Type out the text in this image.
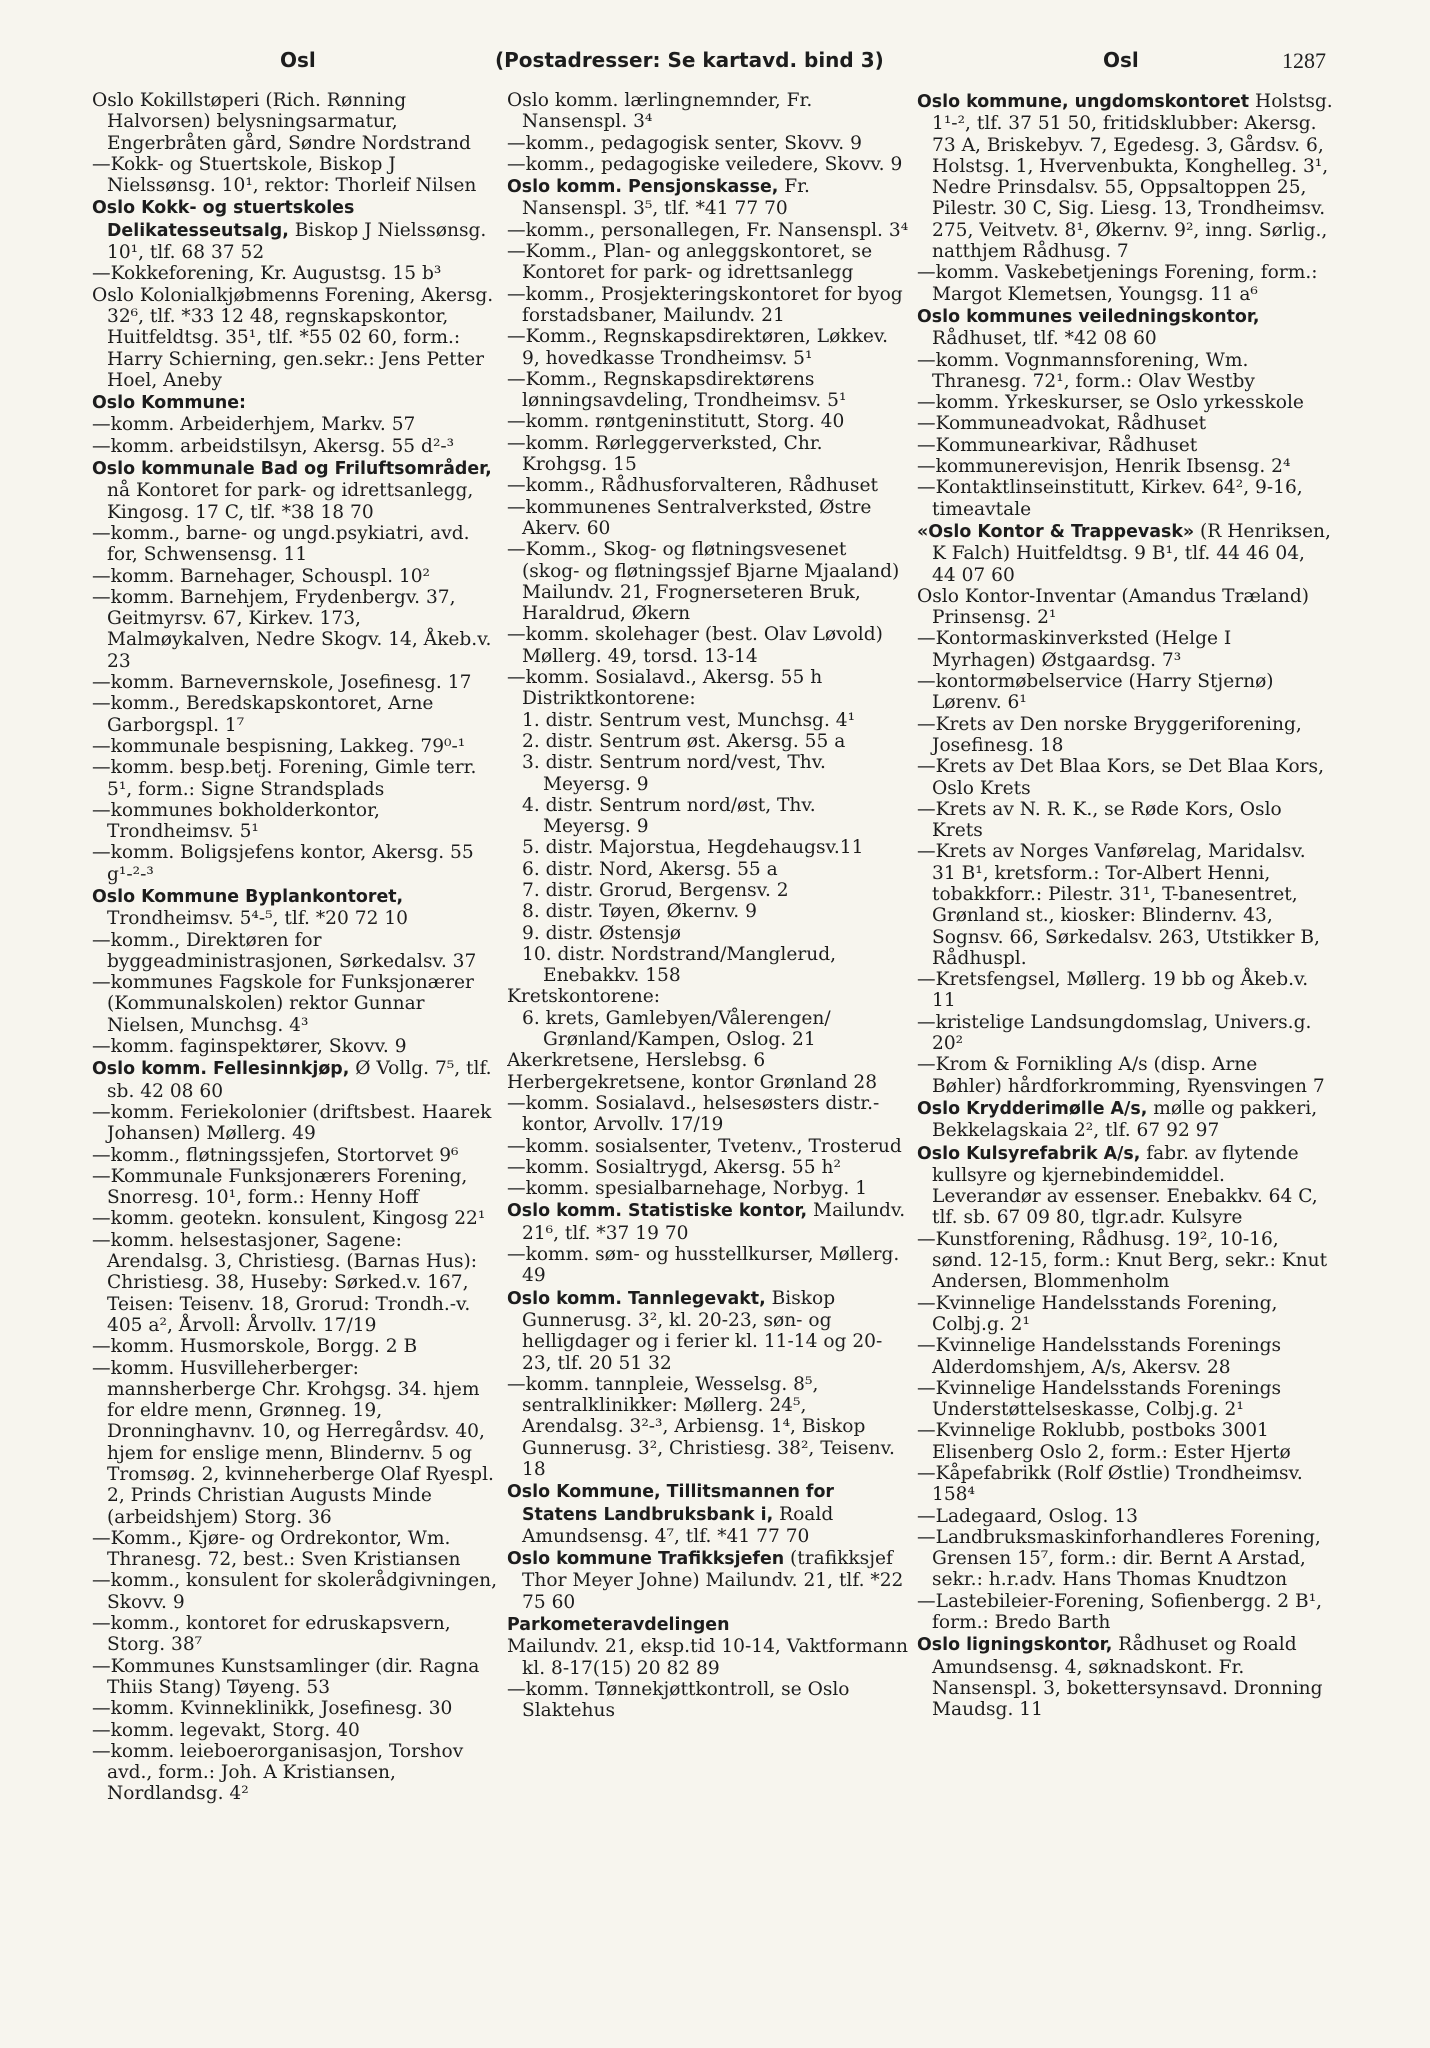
Osl	(Postadresser: Se kartavd. bind 3)	Osl	1287
Oslo Kokillstøperi (Rich. Rønning Halvorsen) belysningsarmatur, Engerbråten gård, Søndre Nordstrand
—Kokk- og Stuertskole, Biskop J Nielssønsg. 10¹, rektor: Thorleif Nilsen
Oslo Kokk- og stuertskoles Delikatesseutsalg, Biskop J Nielssønsg. 10¹, tlf. 68 37 52
—Kokkeforening, Kr. Augustsg. 15 b³
Oslo Kolonialkjøbmenns Forening, Akersg. 32⁶, tlf. *33 12 48, regnskapskontor, Huitfeldtsg. 35¹, tlf. *55 02 60, form.: Harry Schierning, gen.sekr.: Jens Petter Hoel, Aneby
Oslo Kommune:
—komm. Arbeiderhjem, Markv. 57
—komm. arbeidstilsyn, Akersg. 55 d²-³
Oslo kommunale Bad og Friluftsområder, nå Kontoret for park- og idrettsanlegg, Kingosg. 17 C, tlf. *38 18 70
—komm., barne- og ungd.psykiatri, avd. for, Schwensensg. 11
—komm. Barnehager, Schouspl. 10²
—komm. Barnehjem, Frydenbergv. 37, Geitmyrsv. 67, Kirkev. 173, Malmøykalven, Nedre Skogv. 14, Åkeb.v. 23
—komm. Barnevernskole, Josefinesg. 17
—komm., Beredskapskontoret, Arne Garborgspl. 1⁷
—kommunale bespisning, Lakkeg. 79⁰-¹
—komm. besp.betj. Forening, Gimle terr. 5¹, form.: Signe Strandsplads
—kommunes bokholderkontor, Trondheimsv. 5¹
—komm. Boligsjefens kontor, Akersg. 55 g¹-²-³
Oslo Kommune Byplankontoret, Trondheimsv. 5⁴-⁵, tlf. *20 72 10
—komm., Direktøren for byggeadministrasjonen, Sørkedalsv. 37
—kommunes Fagskole for Funksjonærer (Kommunalskolen) rektor Gunnar Nielsen, Munchsg. 4³
—komm. faginspektører, Skovv. 9
Oslo komm. Fellesinnkjøp, Ø Vollg. 7⁵, tlf. sb. 42 08 60
—komm. Feriekolonier (driftsbest. Haarek Johansen) Møllerg. 49
—komm., fløtningssjefen, Stortorvet 9⁶
—Kommunale Funksjonærers Forening, Snorresg. 10¹, form.: Henny Hoff
—komm. geotekn. konsulent, Kingosg 22¹
—komm. helsestasjoner, Sagene: Arendalsg. 3, Christiesg. (Barnas Hus): Christiesg. 38, Huseby: Sørked.v. 167, Teisen: Teisenv. 18, Grorud: Trondh.-v. 405 a², Årvoll: Årvollv. 17/19
—komm. Husmorskole, Borgg. 2 B
—komm. Husvilleherberger: mannsherberge Chr. Krohgsg. 34. hjem for eldre menn, Grønneg. 19, Dronninghavnv. 10, og Herregårdsv. 40, hjem for enslige menn, Blindernv. 5 og Tromsøg. 2, kvinneherberge Olaf Ryespl. 2, Prinds Christian Augusts Minde (arbeidshjem) Storg. 36
—Komm., Kjøre- og Ordrekontor, Wm. Thranesg. 72, best.: Sven Kristiansen
—komm., konsulent for skolerådgivningen, Skovv. 9
—komm., kontoret for edruskapsvern, Storg. 38⁷
—Kommunes Kunstsamlinger (dir. Ragna Thiis Stang) Tøyeng. 53
—komm. Kvinneklinikk, Josefinesg. 30
—komm. legevakt, Storg. 40
—komm. leieboerorganisasjon, Torshov avd., form.: Joh. A Kristiansen, Nordlandsg. 4²
Oslo komm. lærlingnemnder, Fr. Nansenspl. 3⁴
—komm., pedagogisk senter, Skovv. 9
—komm., pedagogiske veiledere, Skovv. 9
Oslo komm. Pensjonskasse, Fr. Nansenspl. 3⁵, tlf. *41 77 70
—komm., personallegen, Fr. Nansenspl. 3⁴
—Komm., Plan- og anleggskontoret, se Kontoret for park- og idrettsanlegg
—komm., Prosjekteringskontoret for byog forstadsbaner, Mailundv. 21
—Komm., Regnskapsdirektøren, Løkkev. 9, hovedkasse Trondheimsv. 5¹
—Komm., Regnskapsdirektørens lønningsavdeling, Trondheimsv. 5¹
—komm. røntgeninstitutt, Storg. 40
—komm. Rørleggerverksted, Chr. Krohgsg. 15
—komm., Rådhusforvalteren, Rådhuset
—kommunenes Sentralverksted, Østre Akerv. 60
—Komm., Skog- og fløtningsvesenet (skog- og fløtningssjef Bjarne Mjaaland) Mailundv. 21, Frognerseteren Bruk, Haraldrud, Økern
—komm. skolehager (best. Olav Løvold) Møllerg. 49, torsd. 13-14
—komm. Sosialavd., Akersg. 55 h Distriktkontorene:
1. distr. Sentrum vest, Munchsg. 4¹
2. distr. Sentrum øst. Akersg. 55 a
3. distr. Sentrum nord/vest, Thv. Meyersg. 9
4. distr. Sentrum nord/øst, Thv. Meyersg. 9
5. distr. Majorstua, Hegdehaugsv.11
6. distr. Nord, Akersg. 55 a
7. distr. Grorud, Bergensv. 2
8. distr. Tøyen, Økernv. 9
9. distr. Østensjø
10. distr. Nordstrand/Manglerud, Enebakkv. 158
Kretskontorene:
6. krets, Gamlebyen/Vålerengen/ Grønland/Kampen, Oslog. 21
Akerkretsene, Herslebsg. 6
Herbergekretsene, kontor Grønland 28
—komm. Sosialavd., helsesøsters distr.-kontor, Arvollv. 17/19
—komm. sosialsenter, Tvetenv., Trosterud
—komm. Sosialtrygd, Akersg. 55 h²
—komm. spesialbarnehage, Norbyg. 1
Oslo komm. Statistiske kontor, Mailundv. 21⁶, tlf. *37 19 70
—komm. søm- og husstellkurser, Møllerg. 49
Oslo komm. Tannlegevakt, Biskop Gunnerusg. 3², kl. 20-23, søn- og helligdager og i ferier kl. 11-14 og 20-23, tlf. 20 51 32
—komm. tannpleie, Wesselsg. 8⁵, sentralklinikker: Møllerg. 24⁵, Arendalsg. 3²-³, Arbiensg. 1⁴, Biskop Gunnerusg. 3², Christiesg. 38², Teisenv. 18
Oslo Kommune, Tillitsmannen for Statens Landbruksbank i, Roald Amundsensg. 4⁷, tlf. *41 77 70
Oslo kommune Trafikksjefen (trafikksjef Thor Meyer Johne) Mailundv. 21, tlf. *22 75 60
Parkometeravdelingen
Mailundv. 21, eksp.tid 10-14, Vaktformann kl. 8-17(15) 20 82 89
—komm. Tønnekjøttkontroll, se Oslo Slaktehus
Oslo kommune, ungdomskontoret Holstsg. 1¹-², tlf. 37 51 50, fritidsklubber: Akersg. 73 A, Briskebyv. 7, Egedesg. 3, Gårdsv. 6, Holstsg. 1, Hvervenbukta, Konghelleg. 3¹, Nedre Prinsdalsv. 55, Oppsaltoppen 25, Pilestr. 30 C, Sig. Liesg. 13, Trondheimsv. 275, Veitvetv. 8¹, Økernv. 9², inng. Sørlig., natthjem Rådhusg. 7
—komm. Vaskebetjenings Forening, form.: Margot Klemetsen, Youngsg. 11 a⁶
Oslo kommunes veiledningskontor, Rådhuset, tlf. *42 08 60
—komm. Vognmannsforening, Wm. Thranesg. 72¹, form.: Olav Westby
—komm. Yrkeskurser, se Oslo yrkesskole
—Kommuneadvokat, Rådhuset
—Kommunearkivar, Rådhuset
—kommunerevisjon, Henrik Ibsensg. 2⁴
—Kontaktlinseinstitutt, Kirkev. 64², 9-16, timeavtale
«Oslo Kontor & Trappevask» (R Henriksen, K Falch) Huitfeldtsg. 9 B¹, tlf. 44 46 04, 44 07 60
Oslo Kontor-Inventar (Amandus Træland) Prinsensg. 2¹
—Kontormaskinverksted (Helge I Myrhagen) Østgaardsg. 7³
—kontormøbelservice (Harry Stjernø) Lørenv. 6¹
—Krets av Den norske Bryggeriforening, Josefinesg. 18
—Krets av Det Blaa Kors, se Det Blaa Kors, Oslo Krets
—Krets av N. R. K., se Røde Kors, Oslo Krets
—Krets av Norges Vanførelag, Maridalsv. 31 B¹, kretsform.: Tor-Albert Henni, tobakkforr.: Pilestr. 31¹, T-banesentret, Grønland st., kiosker: Blindernv. 43, Sognsv. 66, Sørkedalsv. 263, Utstikker B, Rådhuspl.
—Kretsfengsel, Møllerg. 19 bb og Åkeb.v. 11
—kristelige Landsungdomslag, Univers.g. 20²
—Krom & Fornikling A/s (disp. Arne Bøhler) hårdforkromming, Ryensvingen 7
Oslo Krydderimølle A/s, mølle og pakkeri, Bekkelagskaia 2², tlf. 67 92 97
Oslo Kulsyrefabrik A/s, fabr. av flytende kullsyre og kjernebindemiddel. Leverandør av essenser. Enebakkv. 64 C, tlf. sb. 67 09 80, tlgr.adr. Kulsyre
—Kunstforening, Rådhusg. 19², 10-16, sønd. 12-15, form.: Knut Berg, sekr.: Knut Andersen, Blommenholm
—Kvinnelige Handelsstands Forening, Colbj.g. 2¹
—Kvinnelige Handelsstands Forenings Alderdomshjem, A/s, Akersv. 28
—Kvinnelige Handelsstands Forenings Understøttelseskasse, Colbj.g. 2¹
—Kvinnelige Roklubb, postboks 3001 Elisenberg Oslo 2, form.: Ester Hjertø
—Kåpefabrikk (Rolf Østlie) Trondheimsv. 158⁴
—Ladegaard, Oslog. 13
—Landbruksmaskinforhandleres Forening, Grensen 15⁷, form.: dir. Bernt A Arstad, sekr.: h.r.adv. Hans Thomas Knudtzon
—Lastebileier-Forening, Sofienbergg. 2 B¹, form.: Bredo Barth
Oslo ligningskontor, Rådhuset og Roald Amundsensg. 4, søknadskont. Fr. Nansenspl. 3, bokettersynsavd. Dronning Maudsg. 11
